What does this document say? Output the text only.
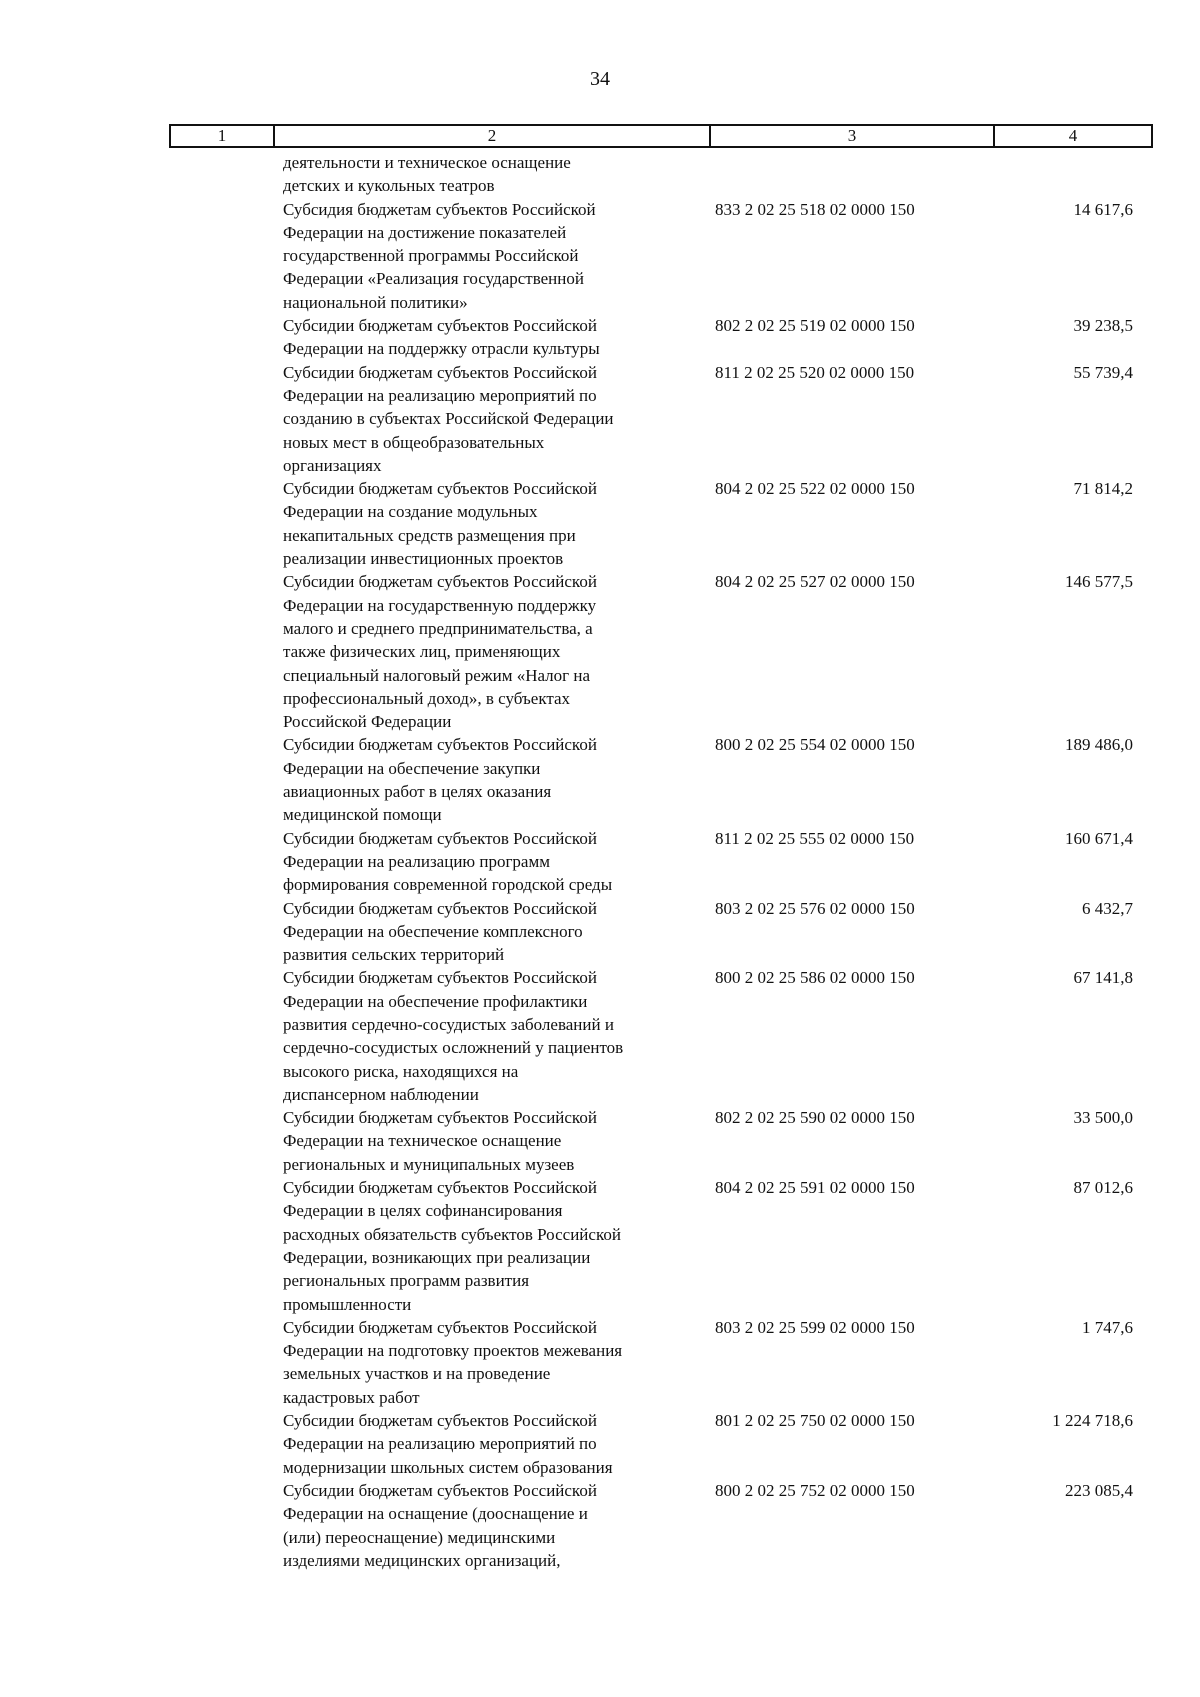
34
1	2	3	4
деятельности и техническое оснащение
детских и кукольных театров
Субсидия бюджетам субъектов Российской
Федерации на достижение показателей
государственной программы Российской
Федерации «Реализация государственной
национальной политики»
833 2 02 25 518 02 0000 150	14 617,6
Субсидии бюджетам субъектов Российской
Федерации на поддержку отрасли культуры
802 2 02 25 519 02 0000 150	39 238,5
Субсидии бюджетам субъектов Российской
Федерации на реализацию мероприятий по
созданию в субъектах Российской Федерации
новых мест в общеобразовательных
организациях
811 2 02 25 520 02 0000 150	55 739,4
Субсидии бюджетам субъектов Российской
Федерации на создание модульных
некапитальных средств размещения при
реализации инвестиционных проектов
804 2 02 25 522 02 0000 150	71 814,2
Субсидии бюджетам субъектов Российской
Федерации на государственную поддержку
малого и среднего предпринимательства, а
также физических лиц, применяющих
специальный налоговый режим «Налог на
профессиональный доход», в субъектах
Российской Федерации
804 2 02 25 527 02 0000 150	146 577,5
Субсидии бюджетам субъектов Российской
Федерации на обеспечение закупки
авиационных работ в целях оказания
медицинской помощи
800 2 02 25 554 02 0000 150	189 486,0
Субсидии бюджетам субъектов Российской
Федерации на реализацию программ
формирования современной городской среды
811 2 02 25 555 02 0000 150	160 671,4
Субсидии бюджетам субъектов Российской
Федерации на обеспечение комплексного
развития сельских территорий
803 2 02 25 576 02 0000 150	6 432,7
Субсидии бюджетам субъектов Российской
Федерации на обеспечение профилактики
развития сердечно-сосудистых заболеваний и
сердечно-сосудистых осложнений у пациентов
высокого риска, находящихся на
диспансерном наблюдении
800 2 02 25 586 02 0000 150	67 141,8
Субсидии бюджетам субъектов Российской
Федерации на техническое оснащение
региональных и муниципальных музеев
802 2 02 25 590 02 0000 150	33 500,0
Субсидии бюджетам субъектов Российской
Федерации в целях софинансирования
расходных обязательств субъектов Российской
Федерации, возникающих при реализации
региональных программ развития
промышленности
804 2 02 25 591 02 0000 150	87 012,6
Субсидии бюджетам субъектов Российской
Федерации на подготовку проектов межевания
земельных участков и на проведение
кадастровых работ
803 2 02 25 599 02 0000 150	1 747,6
Субсидии бюджетам субъектов Российской
Федерации на реализацию мероприятий по
модернизации школьных систем образования
801 2 02 25 750 02 0000 150	1 224 718,6
Субсидии бюджетам субъектов Российской
Федерации на оснащение (дооснащение и
(или) переоснащение) медицинскими
изделиями медицинских организаций,
800 2 02 25 752 02 0000 150	223 085,4
